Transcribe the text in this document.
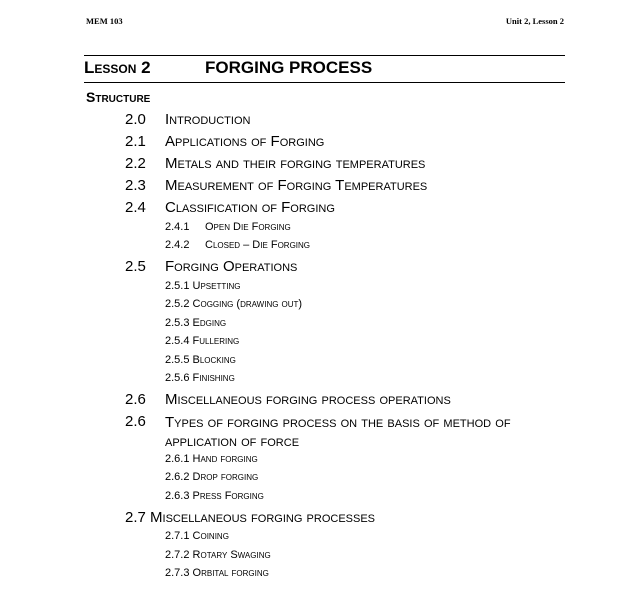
MEM 103	Unit 2, Lesson 2
Lesson 2	FORGING PROCESS
Structure
2.0 Introduction
2.1 Applications of Forging
2.2 Metals and their forging temperatures
2.3 Measurement of Forging Temperatures
2.4 Classification of Forging
2.4.1 Open Die Forging
2.4.2 Closed – Die Forging
2.5 Forging Operations
2.5.1 Upsetting
2.5.2 Cogging (drawing out)
2.5.3 Edging
2.5.4 Fullering
2.5.5 Blocking
2.5.6 Finishing
2.6 Miscellaneous forging process operations
2.6 Types of forging process on the basis of method of application of force
2.6.1 Hand forging
2.6.2 Drop forging
2.6.3 Press Forging
2.7 Miscellaneous forging processes
2.7.1 Coining
2.7.2 Rotary Swaging
2.7.3 Orbital forging
